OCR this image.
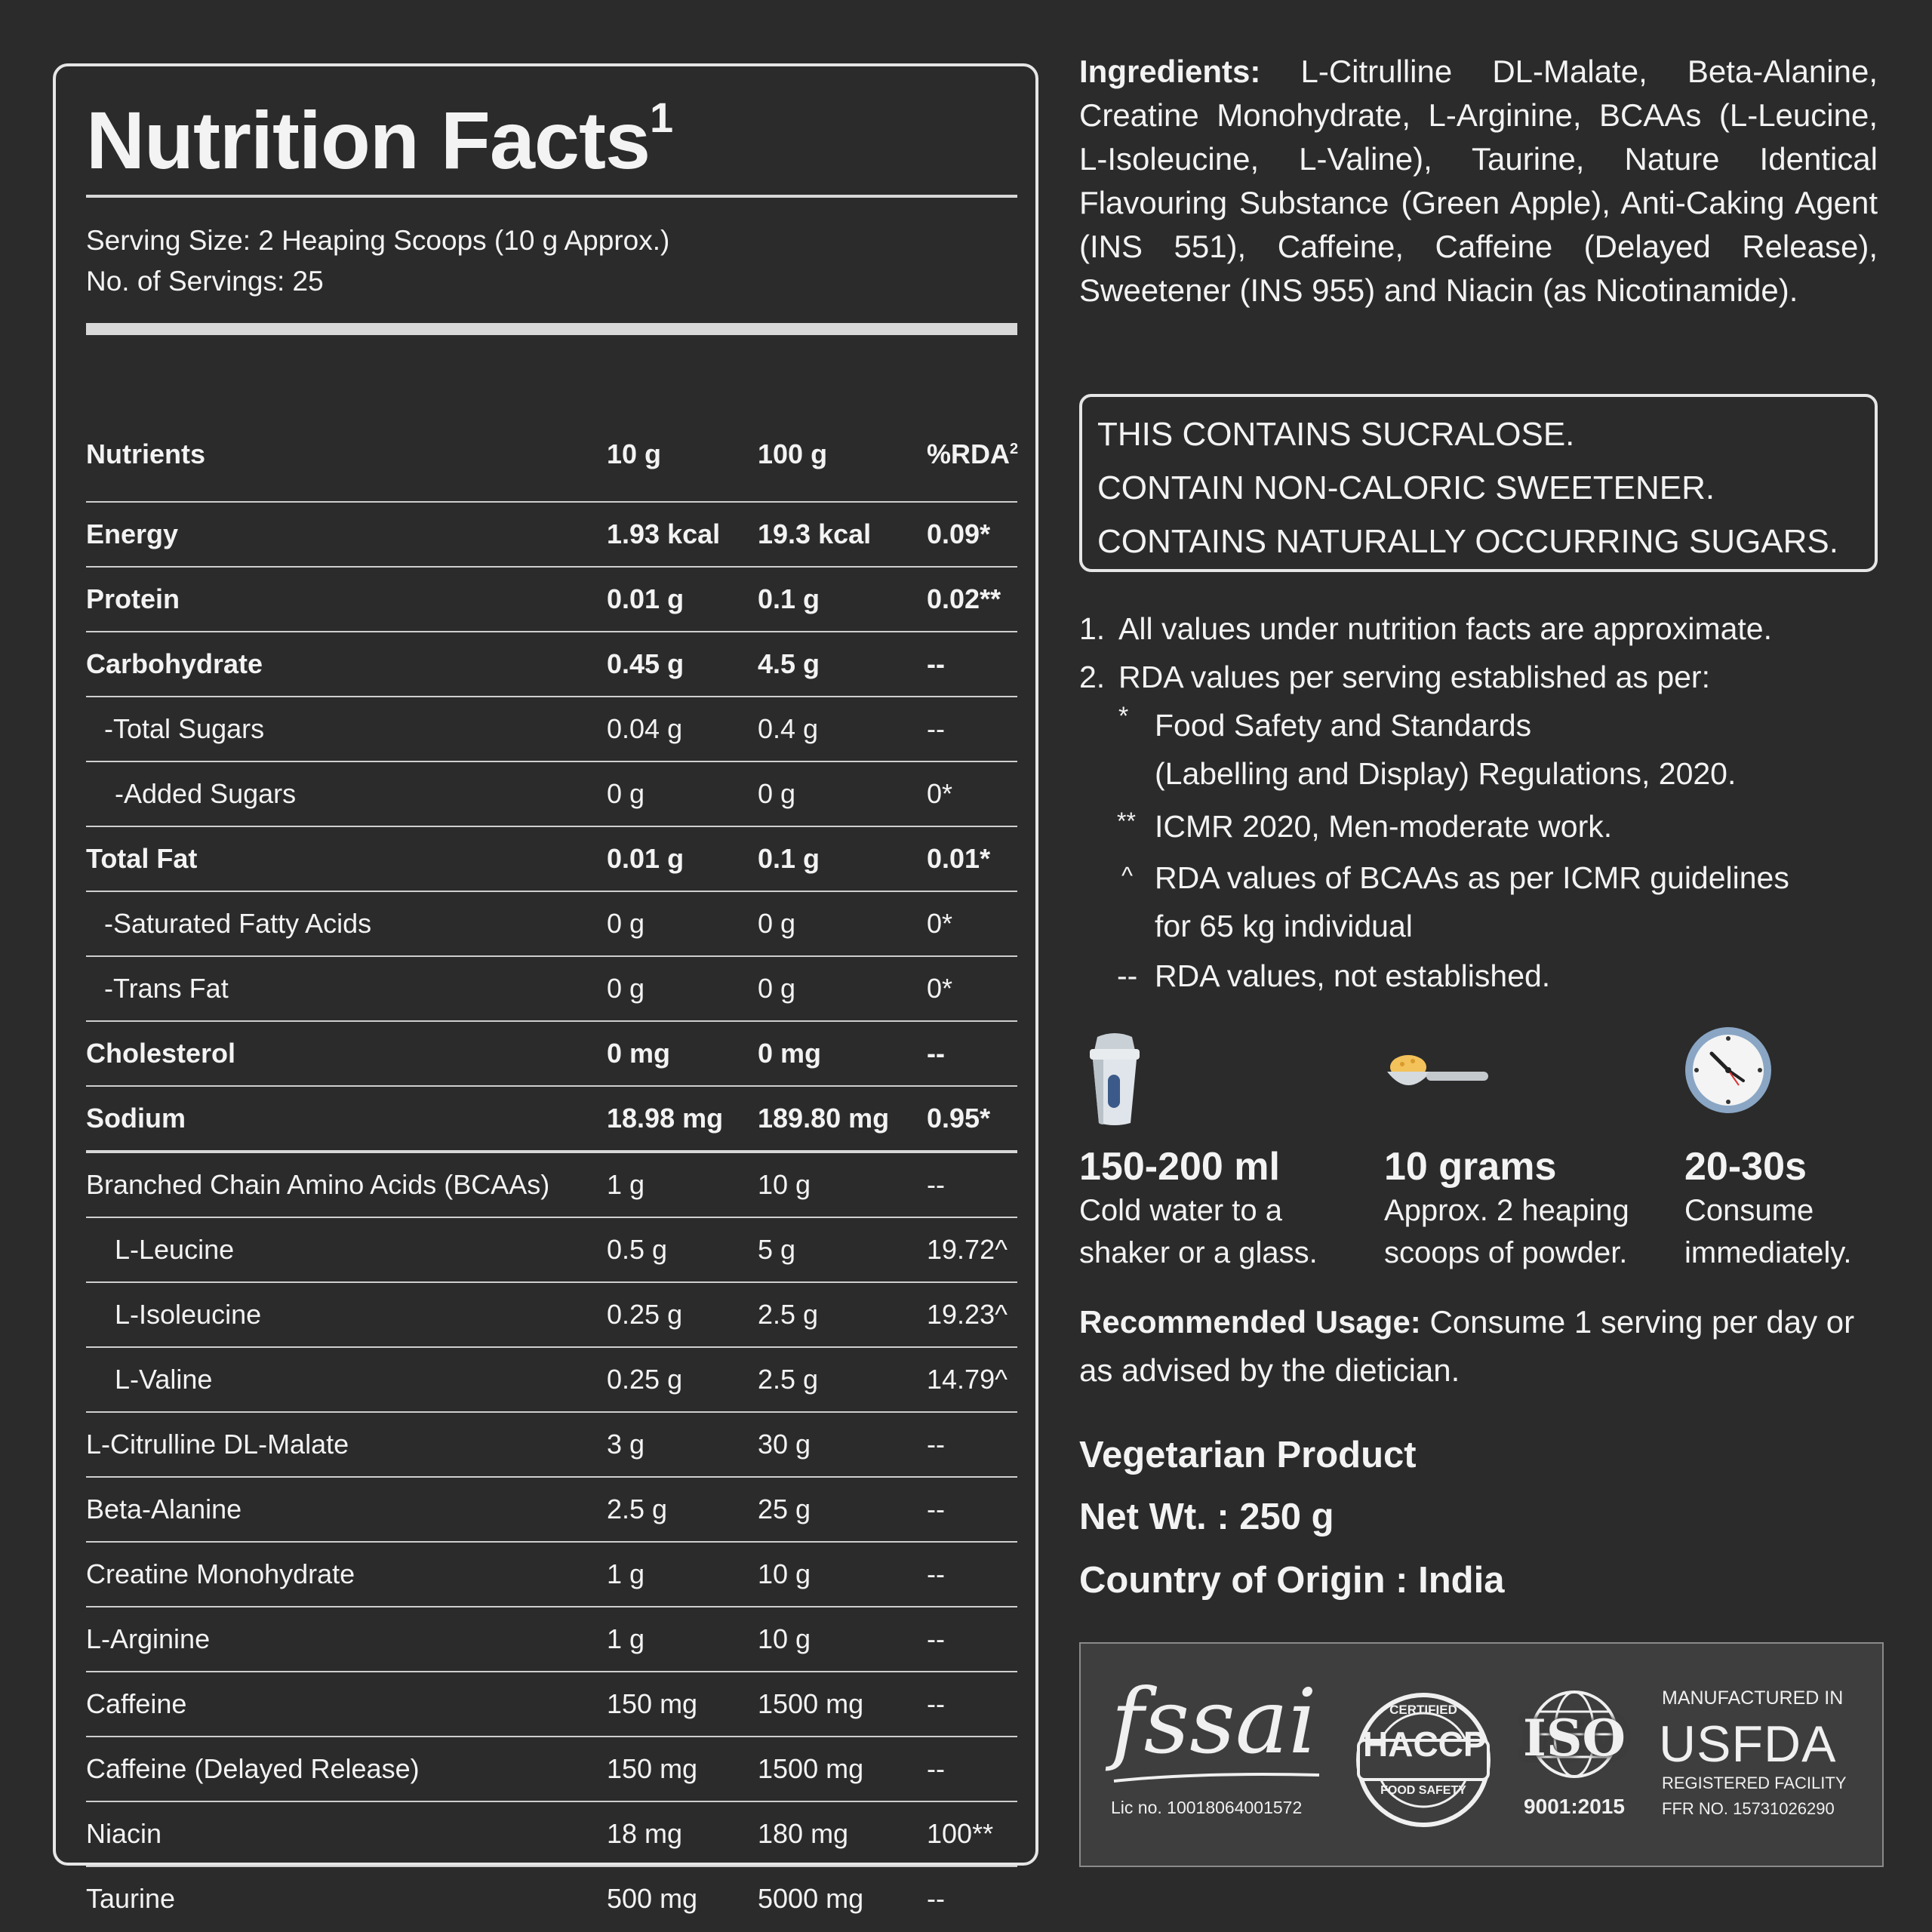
Nutrition Facts$^1$
Serving Size: 2 Heaping Scoops (10 g Approx.)
No. of Servings: 25
Nutrients	10 g	100 g	%RDA$^2$
Energy	1.93 kcal	19.3 kcal	0.09*
Protein	0.01 g	0.1 g	0.02**
Carbohydrate	0.45 g	4.5 g	--
-Total Sugars	0.04 g	0.4 g	--
-Added Sugars	0 g	0 g	0*
Total Fat	0.01 g	0.1 g	0.01*
-Saturated Fatty Acids	0 g	0 g	0*
-Trans Fat	0 g	0 g	0*
Cholesterol	0 mg	0 mg	--
Sodium	18.98 mg	189.80 mg	0.95*
Branched Chain Amino Acids (BCAAs)	1 g	10 g	--
L-Leucine	0.5 g	5 g	19.72^
L-Isoleucine	0.25 g	2.5 g	19.23^
L-Valine	0.25 g	2.5 g	14.79^
L-Citrulline DL-Malate	3 g	30 g	--
Beta-Alanine	2.5 g	25 g	--
Creatine Monohydrate	1 g	10 g	--
L-Arginine	1 g	10 g	--
Caffeine	150 mg	1500 mg	--
Caffeine (Delayed Release)	150 mg	1500 mg	--
Niacin	18 mg	180 mg	100**
Taurine	500 mg	5000 mg	--

Ingredients: L-Citrulline DL-Malate, Beta-Alanine, Creatine Monohydrate, L-Arginine, BCAAs (L-Leucine, L-Isoleucine, L-Valine), Taurine, Nature Identical Flavouring Substance (Green Apple), Anti-Caking Agent (INS 551), Caffeine, Caffeine (Delayed Release), Sweetener (INS 955) and Niacin (as Nicotinamide).

THIS CONTAINS SUCRALOSE.
CONTAIN NON-CALORIC SWEETENER.
CONTAINS NATURALLY OCCURRING SUGARS.
1. All values under nutrition facts are approximate.
2. RDA values per serving established as per:
* Food Safety and Standards
(Labelling and Display) Regulations, 2020.
** ICMR 2020, Men-moderate work.
^ RDA values of BCAAs as per ICMR guidelines
for 65 kg individual
-- RDA values, not established.
150-200 ml
Cold water to a
shaker or a glass.
10 grams
Approx. 2 heaping
scoops of powder.
20-30s
Consume
immediately.

Recommended Usage: Consume 1 serving per day or as advised by the dietician.

Vegetarian Product
Net Wt. : 250 g
Country of Origin : India
fssai
Lic no. 10018064001572
HACCP
CERTIFIED
FOOD SAFETY
ISO
9001:2015
MANUFACTURED IN
USFDA
REGISTERED FACILITY
FFR NO. 15731026290
